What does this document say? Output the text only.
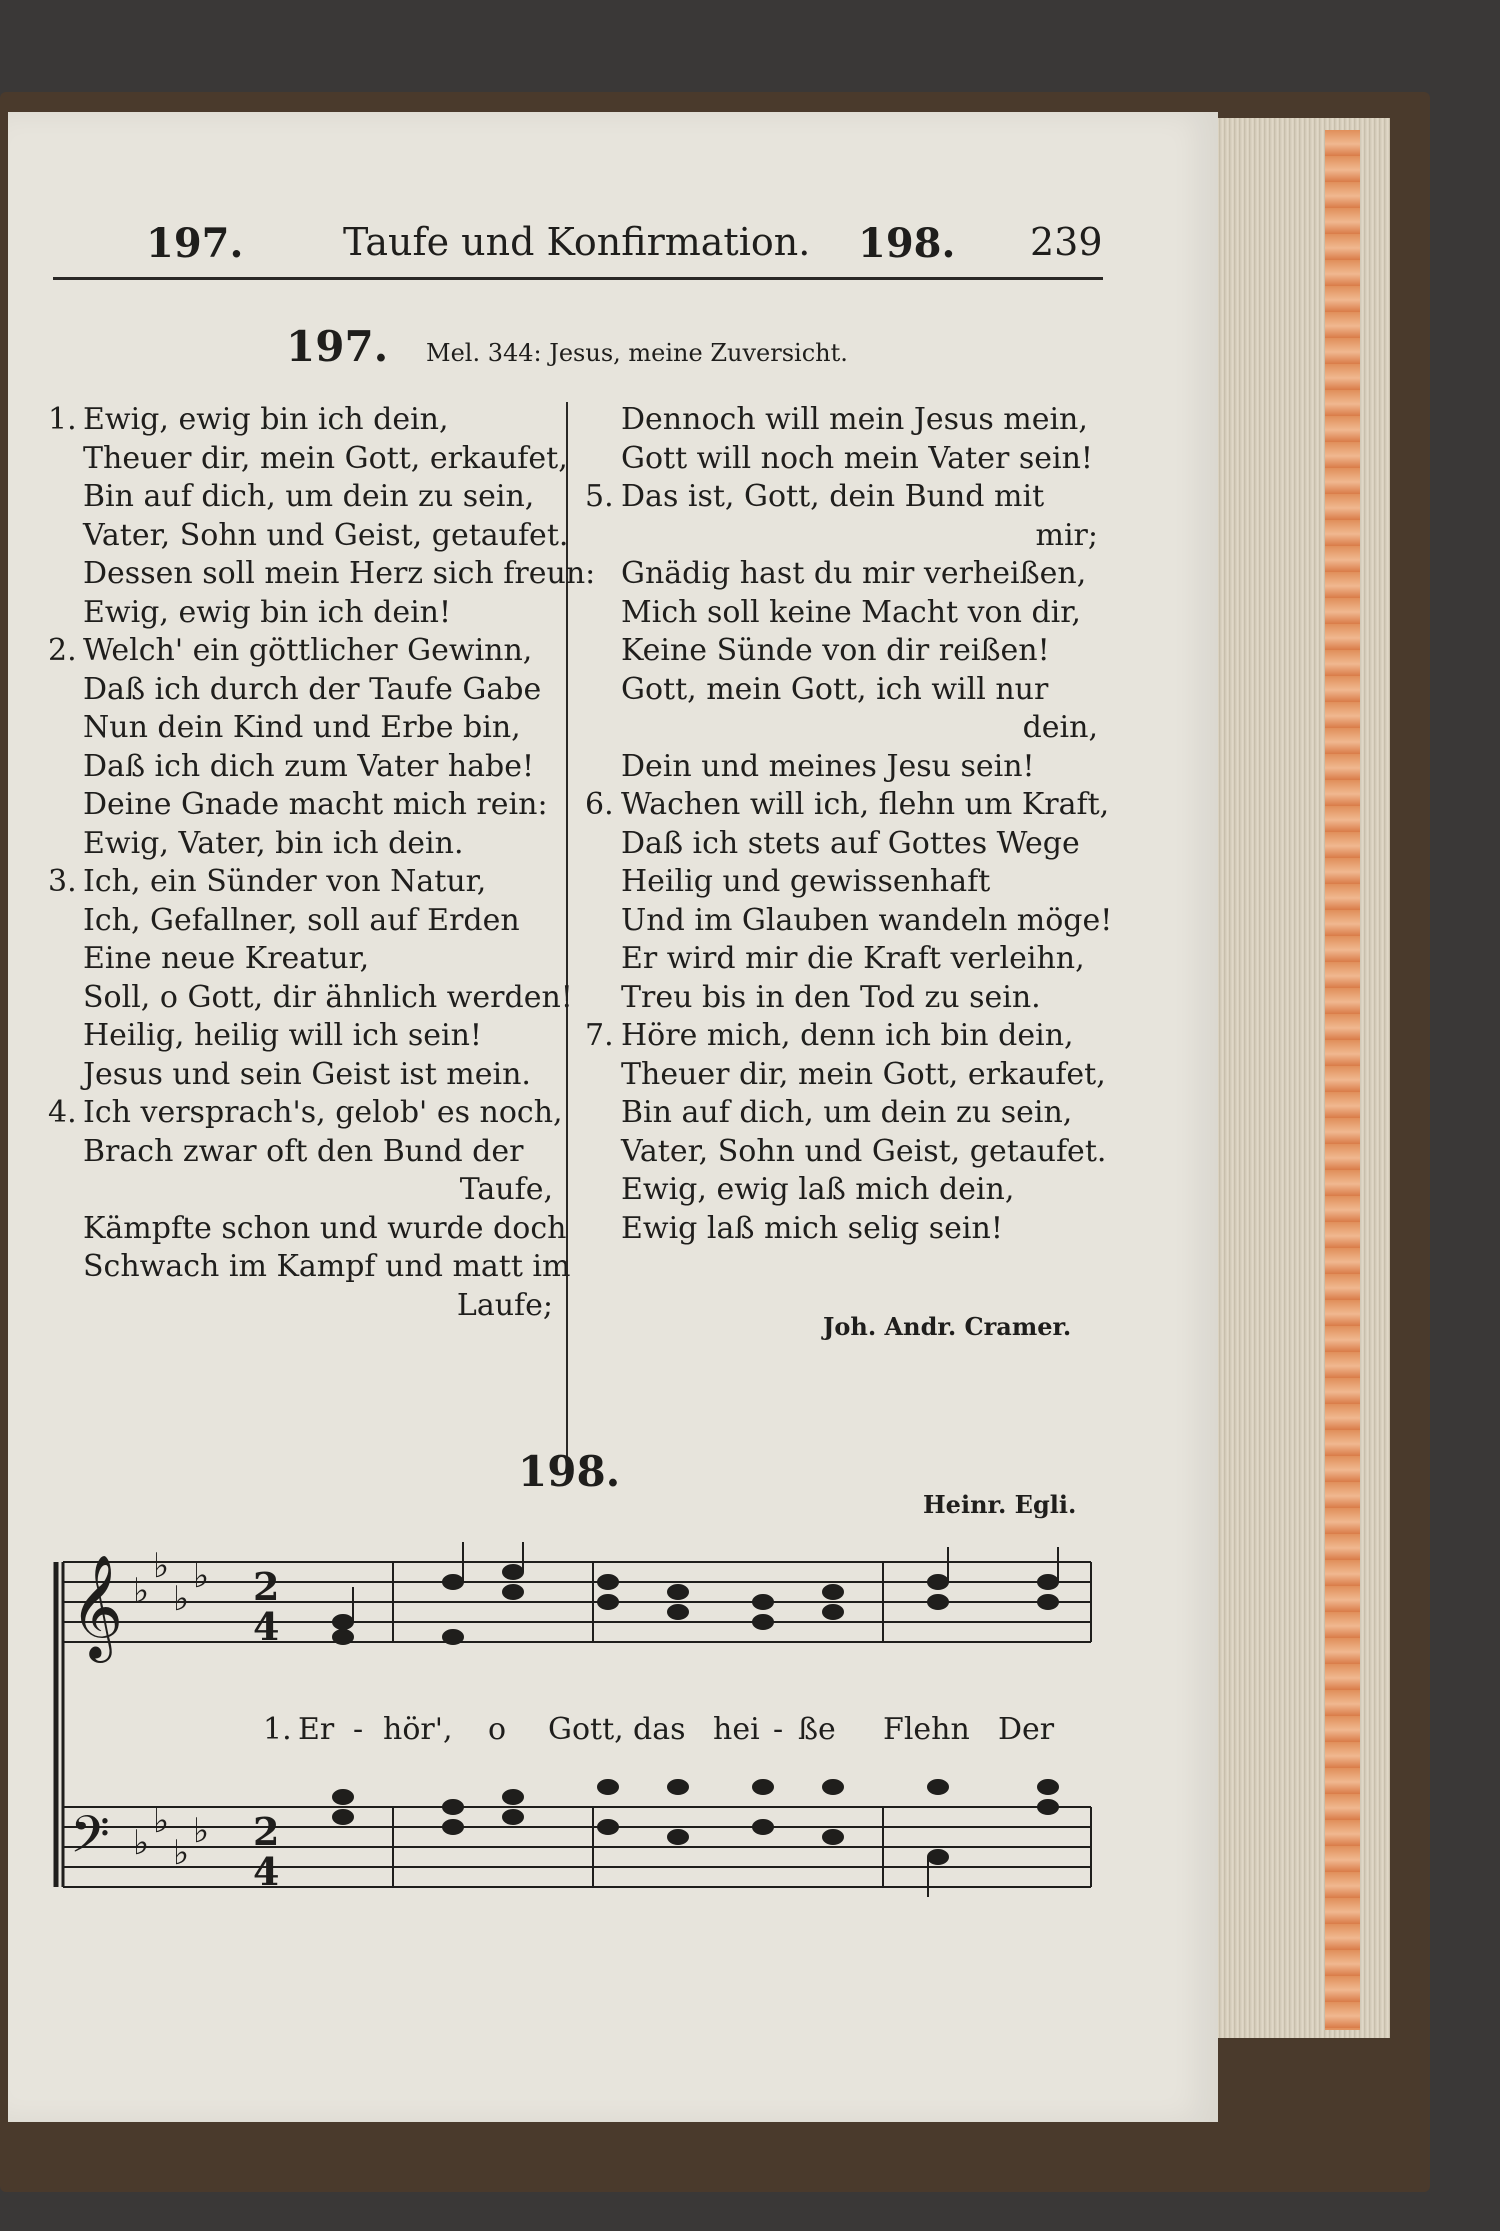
197.	Taufe und Konfirmation. 198. 239
197. Mel. 344: Jesus, meine Zuversicht.
1. Ewig, ewig bin ich dein,
Theuer dir, mein Gott, erkaufet,
Bin auf dich, um dein zu sein,
Vater, Sohn und Geist, getaufet.
Dessen soll mein Herz sich freun:
Ewig, ewig bin ich dein!
2. Welch' ein göttlicher Gewinn,
Daß ich durch der Taufe Gabe
Nun dein Kind und Erbe bin,
Daß ich dich zum Vater habe!
Deine Gnade macht mich rein:
Ewig, Vater, bin ich dein.
3. Ich, ein Sünder von Natur,
Ich, Gefallner, soll auf Erden
Eine neue Kreatur,
Soll, o Gott, dir ähnlich werden!
Heilig, heilig will ich sein!
Jesus und sein Geist ist mein.
4. Ich versprach's, gelob' es noch,
Brach zwar oft den Bund der
Taufe,
Kämpfte schon und wurde doch
Schwach im Kampf und matt im
Laufe;
Dennoch will mein Jesus mein,
Gott will noch mein Vater sein!
5. Das ist, Gott, dein Bund mit
mir;
Gnädig hast du mir verheißen,
Mich soll keine Macht von dir,
Keine Sünde von dir reißen!
Gott, mein Gott, ich will nur
dein,
Dein und meines Jesu sein!
6. Wachen will ich, flehn um Kraft,
Daß ich stets auf Gottes Wege
Heilig und gewissenhaft
Und im Glauben wandeln möge!
Er wird mir die Kraft verleihn,
Treu bis in den Tod zu sein.
7. Höre mich, denn ich bin dein,
Theuer dir, mein Gott, erkaufet,
Bin auf dich, um dein zu sein,
Vater, Sohn und Geist, getaufet.
Ewig, ewig laß mich dein,
Ewig laß mich selig sein!
Joh. Andr. Cramer.
198.
Heinr. Egli.
𝄞
𝄢
♭
♭
♭
♭
♭
♭
♭
♭
2
4
2
4
1. Er - hör', o Gott, das hei - ße Flehn Der
